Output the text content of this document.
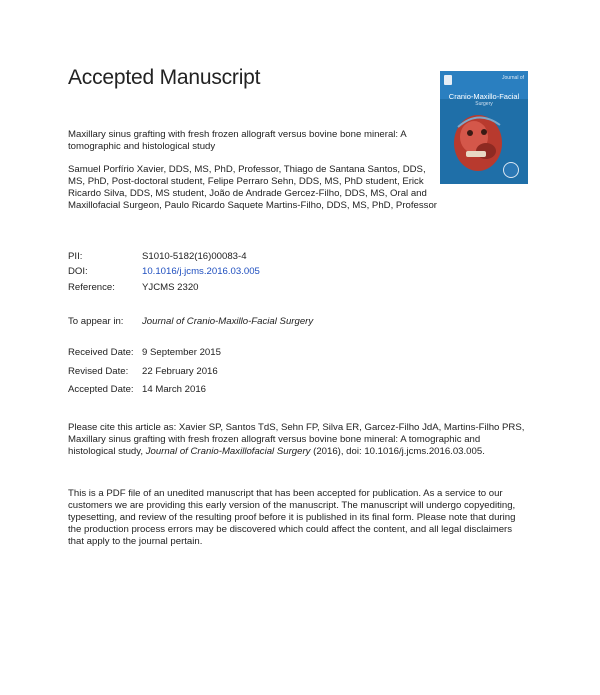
Accepted Manuscript	Journal of
Cranio-Maxillo-Facial
Surgery
Maxillary sinus grafting with fresh frozen allograft versus bovine bone mineral: A tomographic and histological study
Samuel Porfírio Xavier, DDS, MS, PhD, Professor, Thiago de Santana Santos, DDS, MS, PhD, Post-doctoral student, Felipe Perraro Sehn, DDS, MS, PhD student, Erick Ricardo Silva, DDS, MS student, João de Andrade Gercez-Filho, DDS, MS, Oral and Maxillofacial Surgeon, Paulo Ricardo Saquete Martins-Filho, DDS, MS, PhD, Professor
PII:	S1010-5182(16)00083-4
DOI:	10.1016/j.jcms.2016.03.005
Reference:	YJCMS 2320
To appear in: Journal of Cranio-Maxillo-Facial Surgery
Received Date: 9 September 2015
Revised Date: 22 February 2016
Accepted Date: 14 March 2016
Please cite this article as: Xavier SP, Santos TdS, Sehn FP, Silva ER, Garcez-Filho JdA, Martins-Filho PRS, Maxillary sinus grafting with fresh frozen allograft versus bovine bone mineral: A tomographic and histological study, Journal of Cranio-Maxillofacial Surgery (2016), doi: 10.1016/j.jcms.2016.03.005.
This is a PDF file of an unedited manuscript that has been accepted for publication. As a service to our customers we are providing this early version of the manuscript. The manuscript will undergo copyediting, typesetting, and review of the resulting proof before it is published in its final form. Please note that during the production process errors may be discovered which could affect the content, and all legal disclaimers that apply to the journal pertain.
